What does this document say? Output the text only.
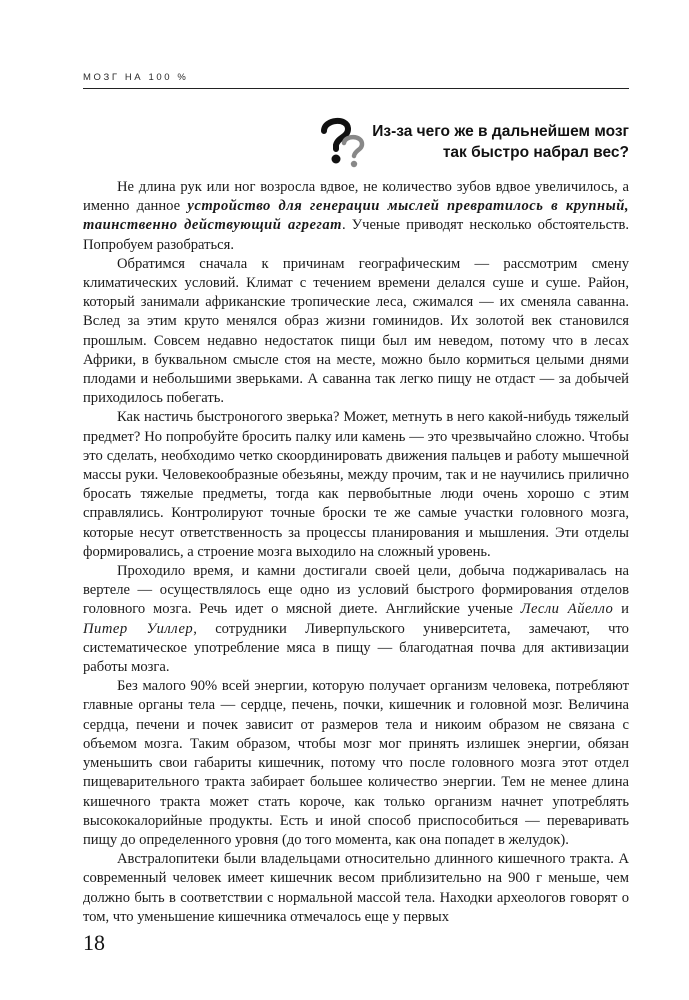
МОЗГ НА 100 %
Из-за чего же в дальнейшем мозг
так быстро набрал вес?

Не длина рук или ног возросла вдвое, не количество зубов вдвое увеличилось, а именно данное устройство для генерации мыслей превратилось в крупный, таинственно действующий агрегат. Ученые приводят несколько обстоятельств. Попробуем разобраться.

Обратимся сначала к причинам географическим — рассмотрим смену климатических условий. Климат с течением времени делался суше и суше. Район, который занимали африканские тропические леса, сжимался — их сменяла саванна. Вслед за этим круто менялся образ жизни гоминидов. Их золотой век становился прошлым. Совсем недавно недостаток пищи был им неведом, потому что в лесах Африки, в буквальном смысле стоя на месте, можно было кормиться целыми днями плодами и небольшими зверьками. А саванна так легко пищу не отдаст — за добычей приходилось побегать.

Как настичь быстроногого зверька? Может, метнуть в него какой-нибудь тяжелый предмет? Но попробуйте бросить палку или камень — это чрезвычайно сложно. Чтобы это сделать, необходимо четко скоординировать движения пальцев и работу мышечной массы руки. Человекообразные обезьяны, между прочим, так и не научились прилично бросать тяжелые предметы, тогда как первобытные люди очень хорошо с этим справлялись. Контролируют точные броски те же самые участки головного мозга, которые несут ответственность за процессы планирования и мышления. Эти отделы формировались, а строение мозга выходило на сложный уровень.

Проходило время, и камни достигали своей цели, добыча поджаривалась на вертеле — осуществлялось еще одно из условий быстрого формирования отделов головного мозга. Речь идет о мясной диете. Английские ученые Лесли Айелло и Питер Уиллер, сотрудники Ливерпульского университета, замечают, что систематическое употребление мяса в пищу — благодатная почва для активизации работы мозга.

Без малого 90% всей энергии, которую получает организм человека, потребляют главные органы тела — сердце, печень, почки, кишечник и головной мозг. Величина сердца, печени и почек зависит от размеров тела и никоим образом не связана с объемом мозга. Таким образом, чтобы мозг мог принять излишек энергии, обязан уменьшить свои габариты кишечник, потому что после головного мозга этот отдел пищеварительного тракта забирает большее количество энергии. Тем не менее длина кишечного тракта может стать короче, как только организм начнет употреблять высококалорийные продукты. Есть и иной способ приспособиться — переваривать пищу до определенного уровня (до того момента, как она попадет в желудок).

Австралопитеки были владельцами относительно длинного кишечного тракта. А современный человек имеет кишечник весом приблизительно на 900 г меньше, чем должно быть в соответствии с нормальной массой тела. Находки археологов говорят о том, что уменьшение кишечника отмечалось еще у первых

18
